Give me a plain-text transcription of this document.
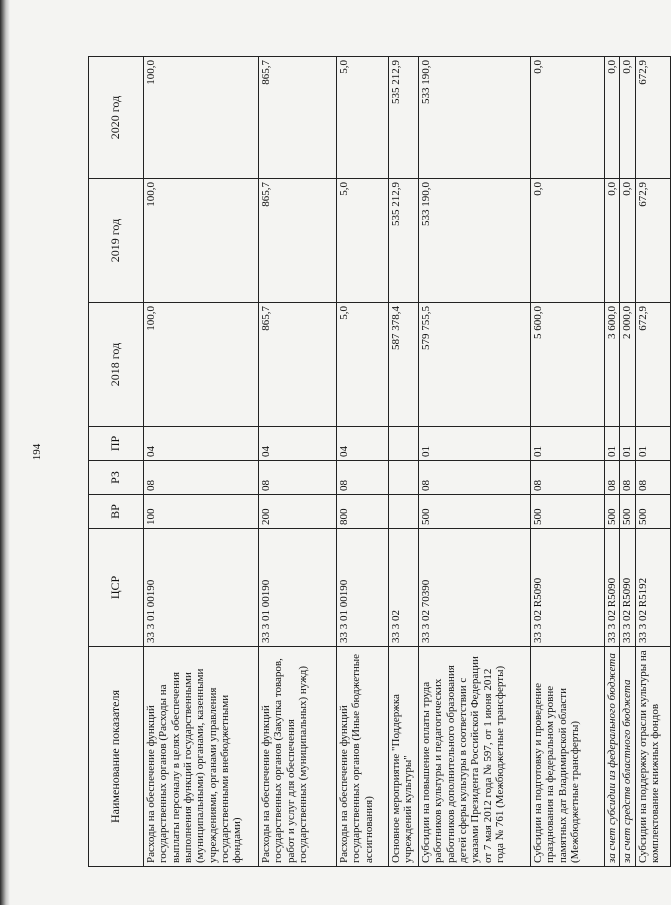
194
Наименование показателя	ЦСР	ВР	РЗ	ПР	2018 год	2019 год	2020 год
Расходы на обеспечение функций государственных органов (Расходы на выплаты персоналу в целях обеспечения выполнения функций государственными (муниципальными) органами, казенными учреждениями, органами управления государственными внебюджетными фондами)	33 3 01 00190	100	08	04	100,0	100,0	100,0
Расходы на обеспечение функций государственных органов (Закупка товаров, работ и услуг для обеспечения государственных (муниципальных) нужд)	33 3 01 00190	200	08	04	865,7	865,7	865,7
Расходы на обеспечение функций государственных органов (Иные бюджетные ассигнования)	33 3 01 00190	800	08	04	5,0	5,0	5,0
Основное мероприятие "Поддержка учреждений культуры"	33 3 02				587 378,4	535 212,9	535 212,9
Субсидии на повышение оплаты труда работников культуры и педагогических работников дополнительного образования детей сферы культуры в соответствии с указами Президента Российской Федерации от 7 мая 2012 года № 597, от 1 июня 2012 года № 761 (Межбюджетные трансферты)	33 3 02 70390	500	08	01	579 755,5	533 190,0	533 190,0
Субсидии на подготовку и проведение празднования на федеральном уровне памятных дат Владимирской области (Межбюджетные трансферты)	33 3 02 R5090	500	08	01	5 600,0	0,0	0,0
за счет субсидии из федерального бюджета	33 3 02 R5090	500	08	01	3 600,0	0,0	0,0
за счет средств областного бюджета	33 3 02 R5090	500	08	01	2 000,0	0,0	0,0
Субсидии на поддержку отрасли культуры на комплектование книжных фондов	33 3 02 R5192	500	08	01	672,9	672,9	672,9
